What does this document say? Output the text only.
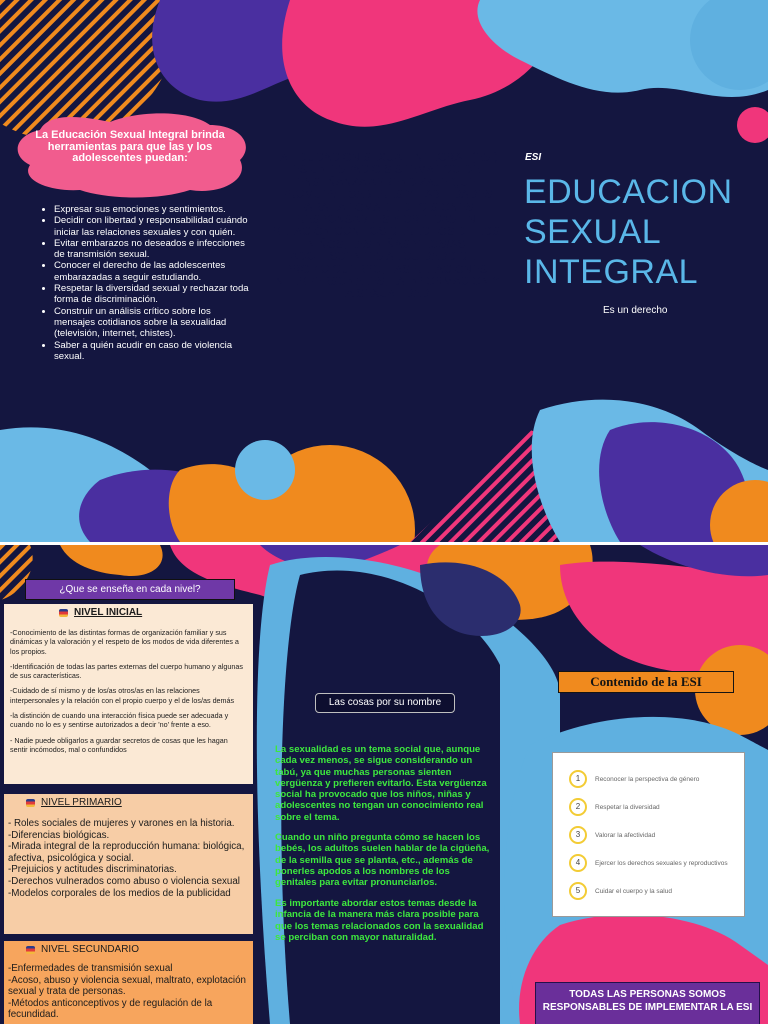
La Educación Sexual Integral brinda herramientas para que las y los adolescentes puedan:
• Expresar sus emociones y sentimientos.
• Decidir con libertad y responsabilidad cuándo iniciar las relaciones sexuales y con quién.
• Evitar embarazos no deseados e infecciones de transmisión sexual.
• Conocer el derecho de las adolescentes embarazadas a seguir estudiando.
• Respetar la diversidad sexual y rechazar toda forma de discriminación.
• Construir un análisis crítico sobre los mensajes cotidianos sobre la sexualidad (televisión, internet, chistes).
• Saber a quién acudir en caso de violencia sexual.
LA EDUCACION SEXUAL INTEGRAL (ESI) ES UN ESPACIO SISTEMATICO DE ENSEÑANZA APRENDIZAJE QUE PROMUEVE SABERES Y HABILIDADES PARA LA TOMA DE DECISIONES RESPONSABLES Y CRITICAS EN RELACIÓN CON LOS DERECHOS DE LOS NIÑOS, LAS NIÑAS Y LOS/AS ADOLESCENTES AL CUIDADO DEL PROPIO CUERPO, LAS RELACIONES INTERPERSONALES, LA INFORMACION Y LA SEXUALIDAD.
ESI
EDUCACION
SEXUAL
INTEGRAL
Es un derecho
¿Que se enseña en cada nivel?
NIVEL INICIAL

-Conocimiento de las distintas formas de organización familiar y sus dinámicas y la valoración y el respeto de los modos de vida diferentes a los propios.

-Identificación de todas las partes externas del cuerpo humano y algunas de sus características.

-Cuidado de sí mismo y de los/as otros/as en las relaciones interpersonales y la relación con el propio cuerpo y el de los/as demás

-la distinción de cuando una interacción física puede ser adecuada y cuando no lo es y sentirse autorizados a decir 'no' frente a eso.

- Nadie puede obligarlos a guardar secretos de cosas que les hagan sentir incómodos, mal o confundidos

NIVEL PRIMARIO
- Roles sociales de mujeres y varones en la historia.
-Diferencias biológicas.
-Mirada integral de la reproducción humana: biológica, afectiva, psicológica y social.
-Prejuicios y actitudes discriminatorias.
-Derechos vulnerados como abuso o violencia sexual
-Modelos corporales de los medios de la publicidad
NIVEL SECUNDARIO
-Enfermedades de transmisión sexual
-Acoso, abuso y violencia sexual, maltrato, explotación sexual y trata de personas.
-Métodos anticonceptivos y de regulación de la fecundidad.
Las cosas por su nombre

La sexualidad es un tema social que, aunque cada vez menos, se sigue considerando un tabú, ya que muchas personas sienten vergüenza y prefieren evitarlo. Esta vergüenza social ha provocado que los niños, niñas y adolescentes no tengan un conocimiento real sobre el tema.

Cuando un niño pregunta cómo se hacen los bebés, los adultos suelen hablar de la cigüeña, de la semilla que se planta, etc., además de ponerles apodos a los nombres de los genitales para evitar pronunciarlos.

Es importante abordar estos temas desde la infancia de la manera más clara posible para que los temas relacionados con la sexualidad se perciban con mayor naturalidad.

Contenido de la ESI
1	Reconocer la perspectiva de género
2	Respetar la diversidad
3	Valorar la afectividad
4	Ejercer los derechos sexuales y reproductivos
5	Cuidar el cuerpo y la salud
TODAS LAS PERSONAS SOMOS RESPONSABLES DE IMPLEMENTAR LA ESI
